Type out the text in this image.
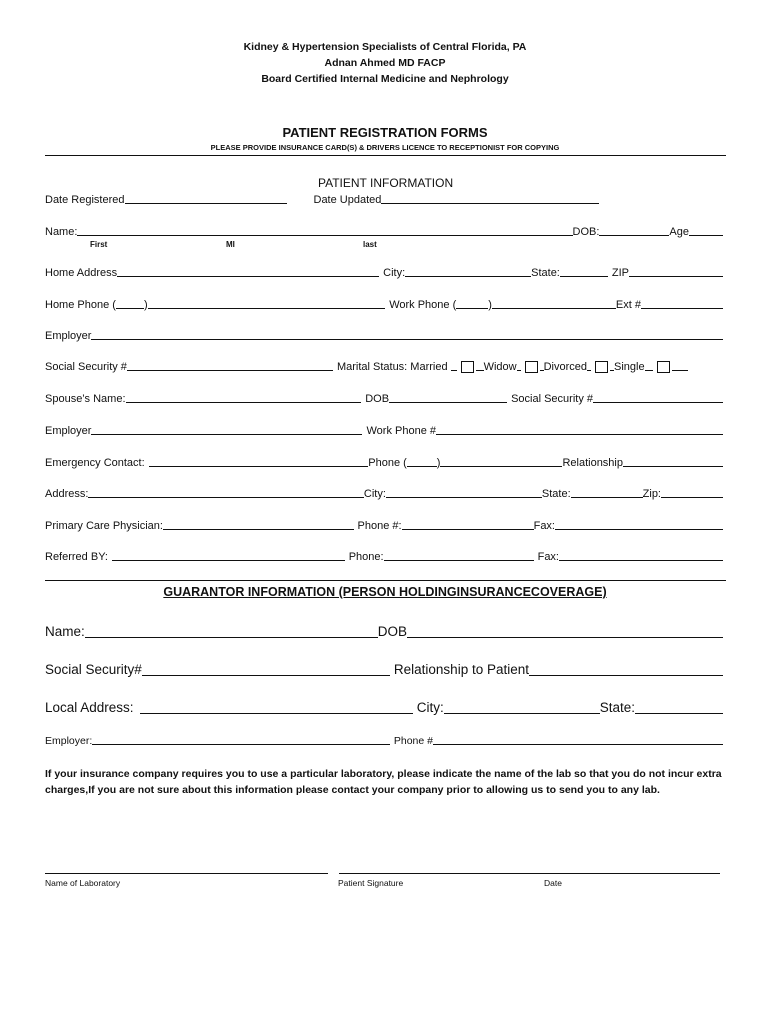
Kidney & Hypertension Specialists of Central Florida, PA
Adnan Ahmed MD FACP
Board Certified Internal Medicine and Nephrology
PATIENT REGISTRATION FORMS
PLEASE PROVIDE INSURANCE CARD(S) & DRIVERS LICENCE TO RECEPTIONIST FOR COPYING
PATIENT INFORMATION
Date Registered	Date Updated
Name:	DOB:	Age
First	MI	last
Home Address	City:	State:	ZIP
Home Phone (	)	Work Phone (	)	Ext #
Employer
Social Security #	Marital Status: Married	Widow Divorced Single
Spouse’s Name:	DOB	Social Security #
Employer	Work Phone #
Emergency Contact:	Phone (	)	Relationship
Address:	City:	State:	Zip:
Primary Care Physician:	Phone #:	Fax:
Referred BY:	Phone:	Fax:
GUARANTOR INFORMATION (PERSON HOLDINGINSURANCECOVERAGE)
Name:	DOB
Social Security#	Relationship to Patient
Local Address:	City:	State:
Employer:	Phone #
If your insurance company requires you to use a particular laboratory, please indicate the name of the lab so that you do not incur extra charges,If you are not sure about this information please contact your company prior to allowing us to send you to any lab.
Name of Laboratory	Patient Signature	Date
